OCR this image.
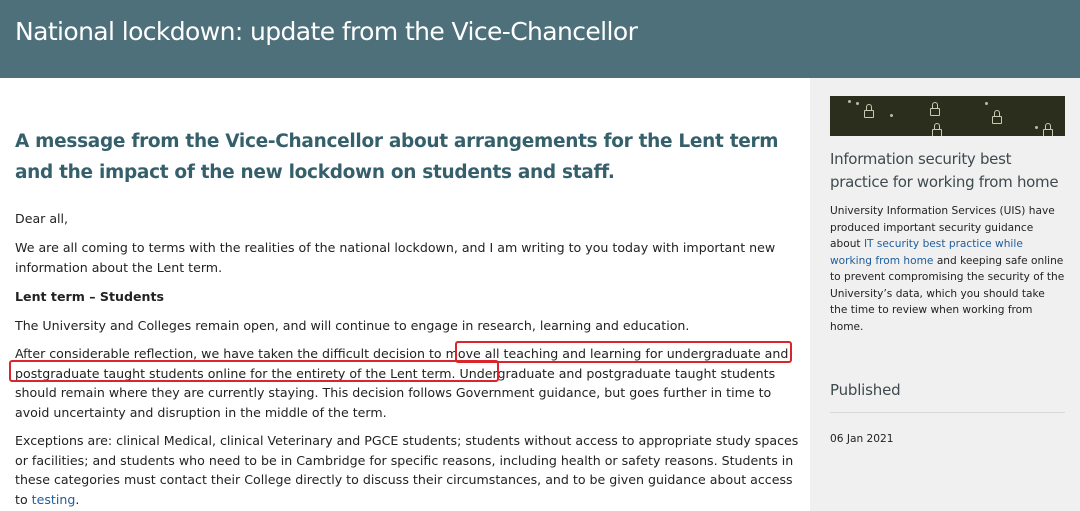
National lockdown: update from the Vice-Chancellor

A message from the Vice-Chancellor about arrangements for the Lent term and the impact of the new lockdown on students and staff.

Dear all,

We are all coming to terms with the realities of the national lockdown, and I am writing to you today with important new information about the Lent term.

Lent term – Students

The University and Colleges remain open, and will continue to engage in research, learning and education.

After considerable reflection, we have taken the difficult decision to move all teaching and learning for undergraduate and postgraduate taught students online for the entirety of the Lent term. Undergraduate and postgraduate taught students should remain where they are currently staying. This decision follows Government guidance, but goes further in time to avoid uncertainty and disruption in the middle of the term.

Exceptions are: clinical Medical, clinical Veterinary and PGCE students; students without access to appropriate study spaces or facilities; and students who need to be in Cambridge for specific reasons, including health or safety reasons. Students in these categories must contact their College directly to discuss their circumstances, and to be given guidance about access to testing.

Information security best practice for working from home
University Information Services (UIS) have produced important security guidance about IT security best practice while working from home and keeping safe online to prevent compromising the security of the University’s data, which you should take the time to review when working from home.
Published
06 Jan 2021
